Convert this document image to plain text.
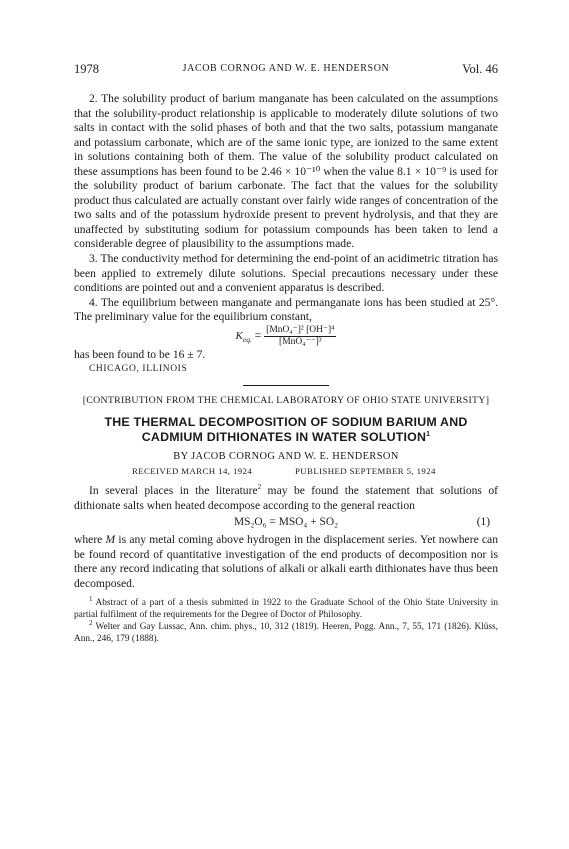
1978	JACOB CORNOG AND W. E. HENDERSON	Vol. 46

2. The solubility product of barium manganate has been calculated on the assumptions that the solubility-product relationship is applicable to moderately dilute solutions of two salts in contact with the solid phases of both and that the two salts, potassium manganate and potassium carbonate, which are of the same ionic type, are ionized to the same extent in solutions containing both of them. The value of the solubility product calculated on these assumptions has been found to be 2.46 × 10⁻¹⁰ when the value 8.1 × 10⁻⁹ is used for the solubility product of barium carbonate. The fact that the values for the solubility product thus calculated are actually constant over fairly wide ranges of concentration of the two salts and of the potassium hydroxide present to prevent hydrolysis, and that they are unaffected by substituting sodium for potassium compounds has been taken to lend a considerable degree of plausibility to the assumptions made.

3. The conductivity method for determining the end-point of an acidimetric titration has been applied to extremely dilute solutions. Special precautions necessary under these conditions are pointed out and a convenient apparatus is described.

4. The equilibrium between manganate and permanganate ions has been studied at 25°. The preliminary value for the equilibrium constant,

$K_{eq.} = \frac{\text{[MnO₄⁻]² [OH⁻]⁴}}{\text{[MnO₄⁻⁻]³}}$

has been found to be 16 ± 7.

CHICAGO, ILLINOIS

[CONTRIBUTION FROM THE CHEMICAL LABORATORY OF OHIO STATE UNIVERSITY]

THE THERMAL DECOMPOSITION OF SODIUM BARIUM AND
CADMIUM DITHIONATES IN WATER SOLUTION$^1$

BY JACOB CORNOG AND W. E. HENDERSON

RECEIVED MARCH 14, 1924	PUBLISHED SEPTEMBER 5, 1924

In several places in the literature$^2$ may be found the statement that solutions of dithionate salts when heated decompose according to the general reaction

MS₂O₆ = MSO₄ + SO₂	(1)

where M is any metal coming above hydrogen in the displacement series. Yet nowhere can be found record of quantitative investigation of the end products of decomposition nor is there any record indicating that solutions of alkali or alkali earth dithionates have thus been decomposed.

$^1$ Abstract of a part of a thesis submitted in 1922 to the Graduate School of the Ohio State University in partial fulfilment of the requirements for the Degree of Doctor of Philosophy.

$^2$ Welter and Gay Lussac, Ann. chim. phys., 10, 312 (1819). Heeren, Pogg. Ann., 7, 55, 171 (1826). Klüss, Ann., 246, 179 (1888).
